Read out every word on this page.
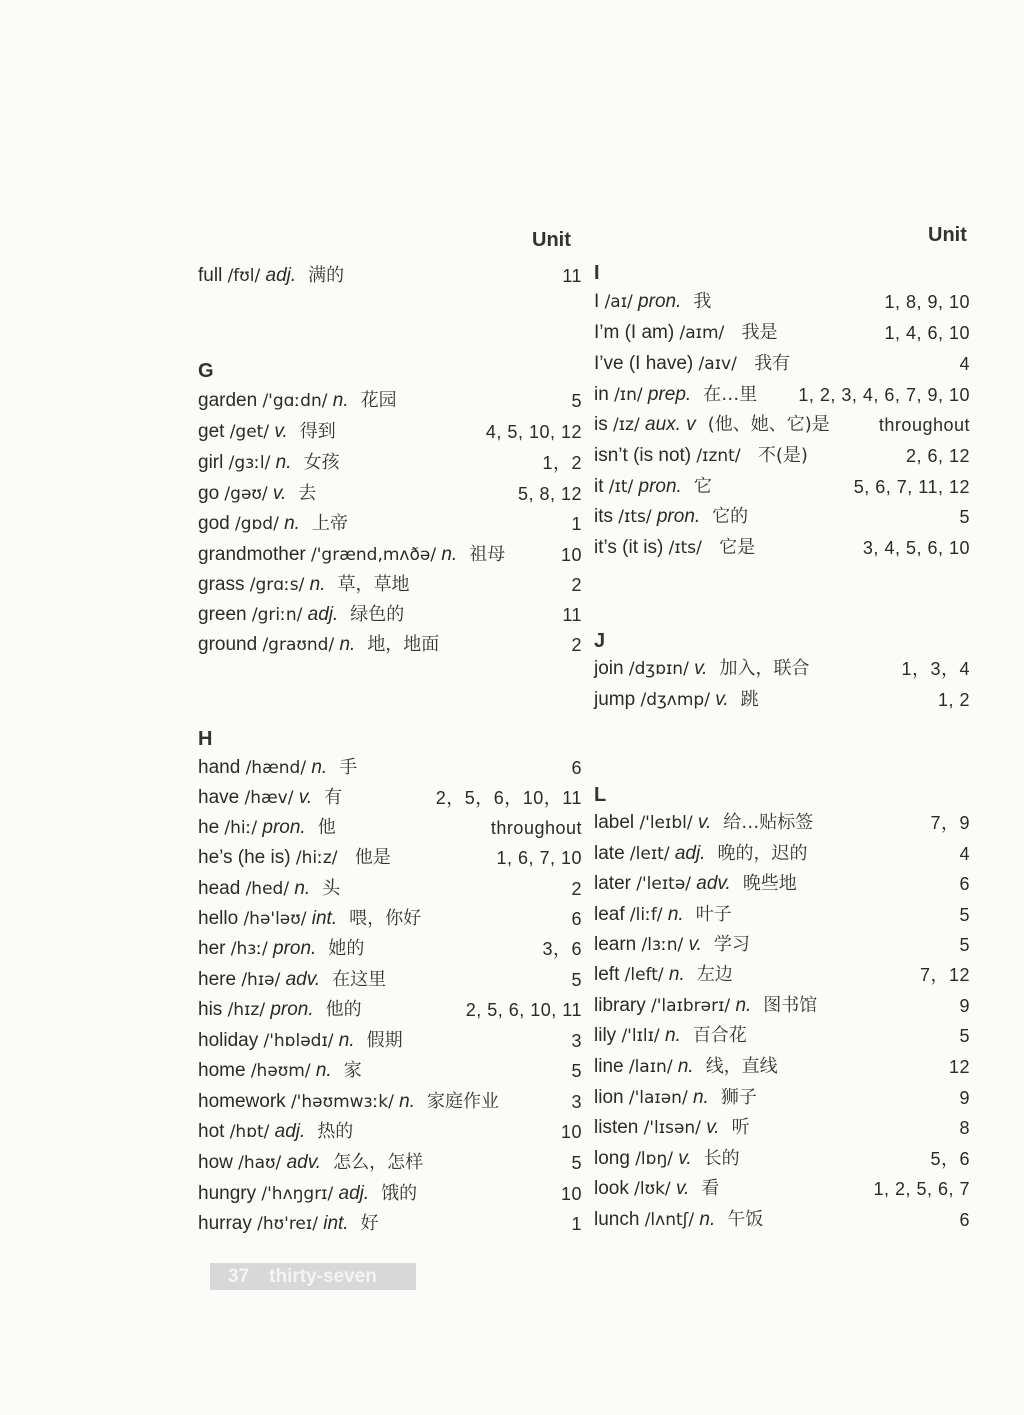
Unit
full /fʊl/ adj. 满的	11
G
garden /'gɑːdn/ n. 花园	5
get /get/ v. 得到	4, 5, 10, 12
girl /gɜːl/ n. 女孩	1，2
go /gəʊ/ v. 去	5, 8, 12
god /gɒd/ n. 上帝	1
grandmother /'grænd,mʌðə/ n. 祖母	10
grass /grɑːs/ n. 草，草地	2
green /griːn/ adj. 绿色的	11
ground /graʊnd/ n. 地，地面	2
H
hand /hænd/ n. 手	6
have /hæv/ v. 有	2，5，6，10，11
he /hiː/ pron. 他	throughout
he’s (he is) /hiːz/ 他是	1, 6, 7, 10
head /hed/ n. 头	2
hello /hə'ləʊ/ int. 喂，你好	6
her /hɜː/ pron. 她的	3，6
here /hɪə/ adv. 在这里	5
his /hɪz/ pron. 他的	2, 5, 6, 10, 11
holiday /'hɒlədɪ/ n. 假期	3
home /həʊm/ n. 家	5
homework /'həʊmwɜːk/ n. 家庭作业	3
hot /hɒt/ adj. 热的	10
how /haʊ/ adv. 怎么，怎样	5
hungry /'hʌŋgrɪ/ adj. 饿的	10
hurray /hʊ'reɪ/ int. 好	1
Unit
I
I /aɪ/ pron. 我	1, 8, 9, 10
I’m (I am) /aɪm/ 我是	1, 4, 6, 10
I’ve (I have) /aɪv/ 我有	4
in /ɪn/ prep. 在…里 1, 2, 3, 4, 6, 7, 9, 10
is /ɪz/ aux. v (他、她、它)是	throughout
isn’t (is not) /ɪznt/ 不(是)	2, 6, 12
it /ɪt/ pron. 它	5, 6, 7, 11, 12
its /ɪts/ pron. 它的	5
it’s (it is) /ɪts/ 它是	3, 4, 5, 6, 10
J
join /dʒɒɪn/ v. 加入，联合	1，3，4
jump /dʒʌmp/ v. 跳	1, 2
L
label /'leɪbl/ v. 给…贴标签	7，9
late /leɪt/ adj. 晚的，迟的	4
later /'leɪtə/ adv. 晚些地	6
leaf /liːf/ n. 叶子	5
learn /lɜːn/ v. 学习	5
left /left/ n. 左边	7，12
library /'laɪbrərɪ/ n. 图书馆	9
lily /'lɪlɪ/ n. 百合花	5
line /laɪn/ n. 线，直线	12
lion /'laɪən/ n. 狮子	9
listen /'lɪsən/ v. 听	8
long /lɒŋ/ v. 长的	5，6
look /lʊk/ v. 看	1, 2, 5, 6, 7
lunch /lʌntʃ/ n. 午饭	6
37 thirty-seven
